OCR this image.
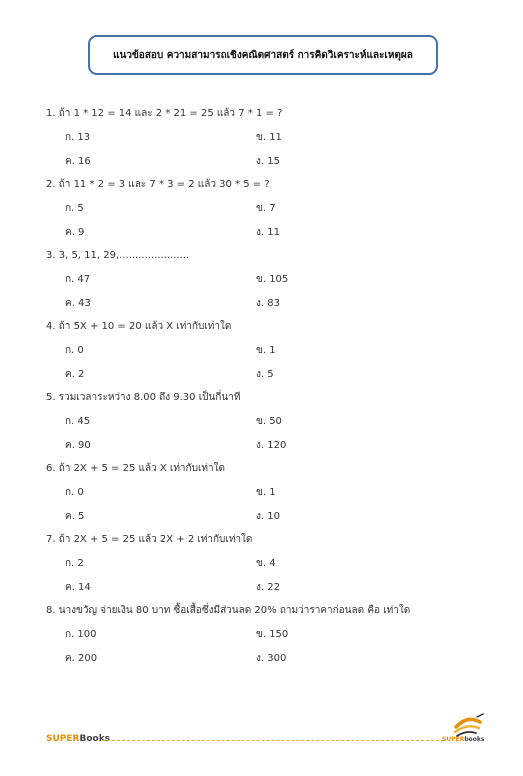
แนวข้อสอบ ความสามารถเชิงคณิตศาสตร์ การคิดวิเคราะห์และเหตุผล
1. ถ้า 1 * 12 = 14 และ 2 * 21 = 25 แล้ว 7 * 1 = ?
ก. 13	ข. 11
ค. 16	ง. 15
2. ถ้า 11 * 2 = 3 และ 7 * 3 = 2 แล้ว 30 * 5 = ?
ก. 5	ข. 7
ค. 9	ง. 11
3. 3, 5, 11, 29,......................
ก. 47	ข. 105
ค. 43	ง. 83
4. ถ้า 5X + 10 = 20 แล้ว X เท่ากับเท่าใด
ก. 0	ข. 1
ค. 2	ง. 5
5. รวมเวลาระหว่าง 8.00 ถึง 9.30 เป็นกี่นาที
ก. 45	ข. 50
ค. 90	ง. 120
6. ถ้า 2X + 5 = 25 แล้ว X เท่ากับเท่าใด
ก. 0	ข. 1
ค. 5	ง. 10
7. ถ้า 2X + 5 = 25 แล้ว 2X + 2 เท่ากับเท่าใด
ก. 2	ข. 4
ค. 14	ง. 22
8. นางขวัญ จ่ายเงิน 80 บาท ซื้อเสื้อซึ่งมีส่วนลด 20% ถามว่าราคาก่อนลด คือ เท่าใด
ก. 100	ข. 150
ค. 200	ง. 300
SUPERBooks	SUPERbooks
